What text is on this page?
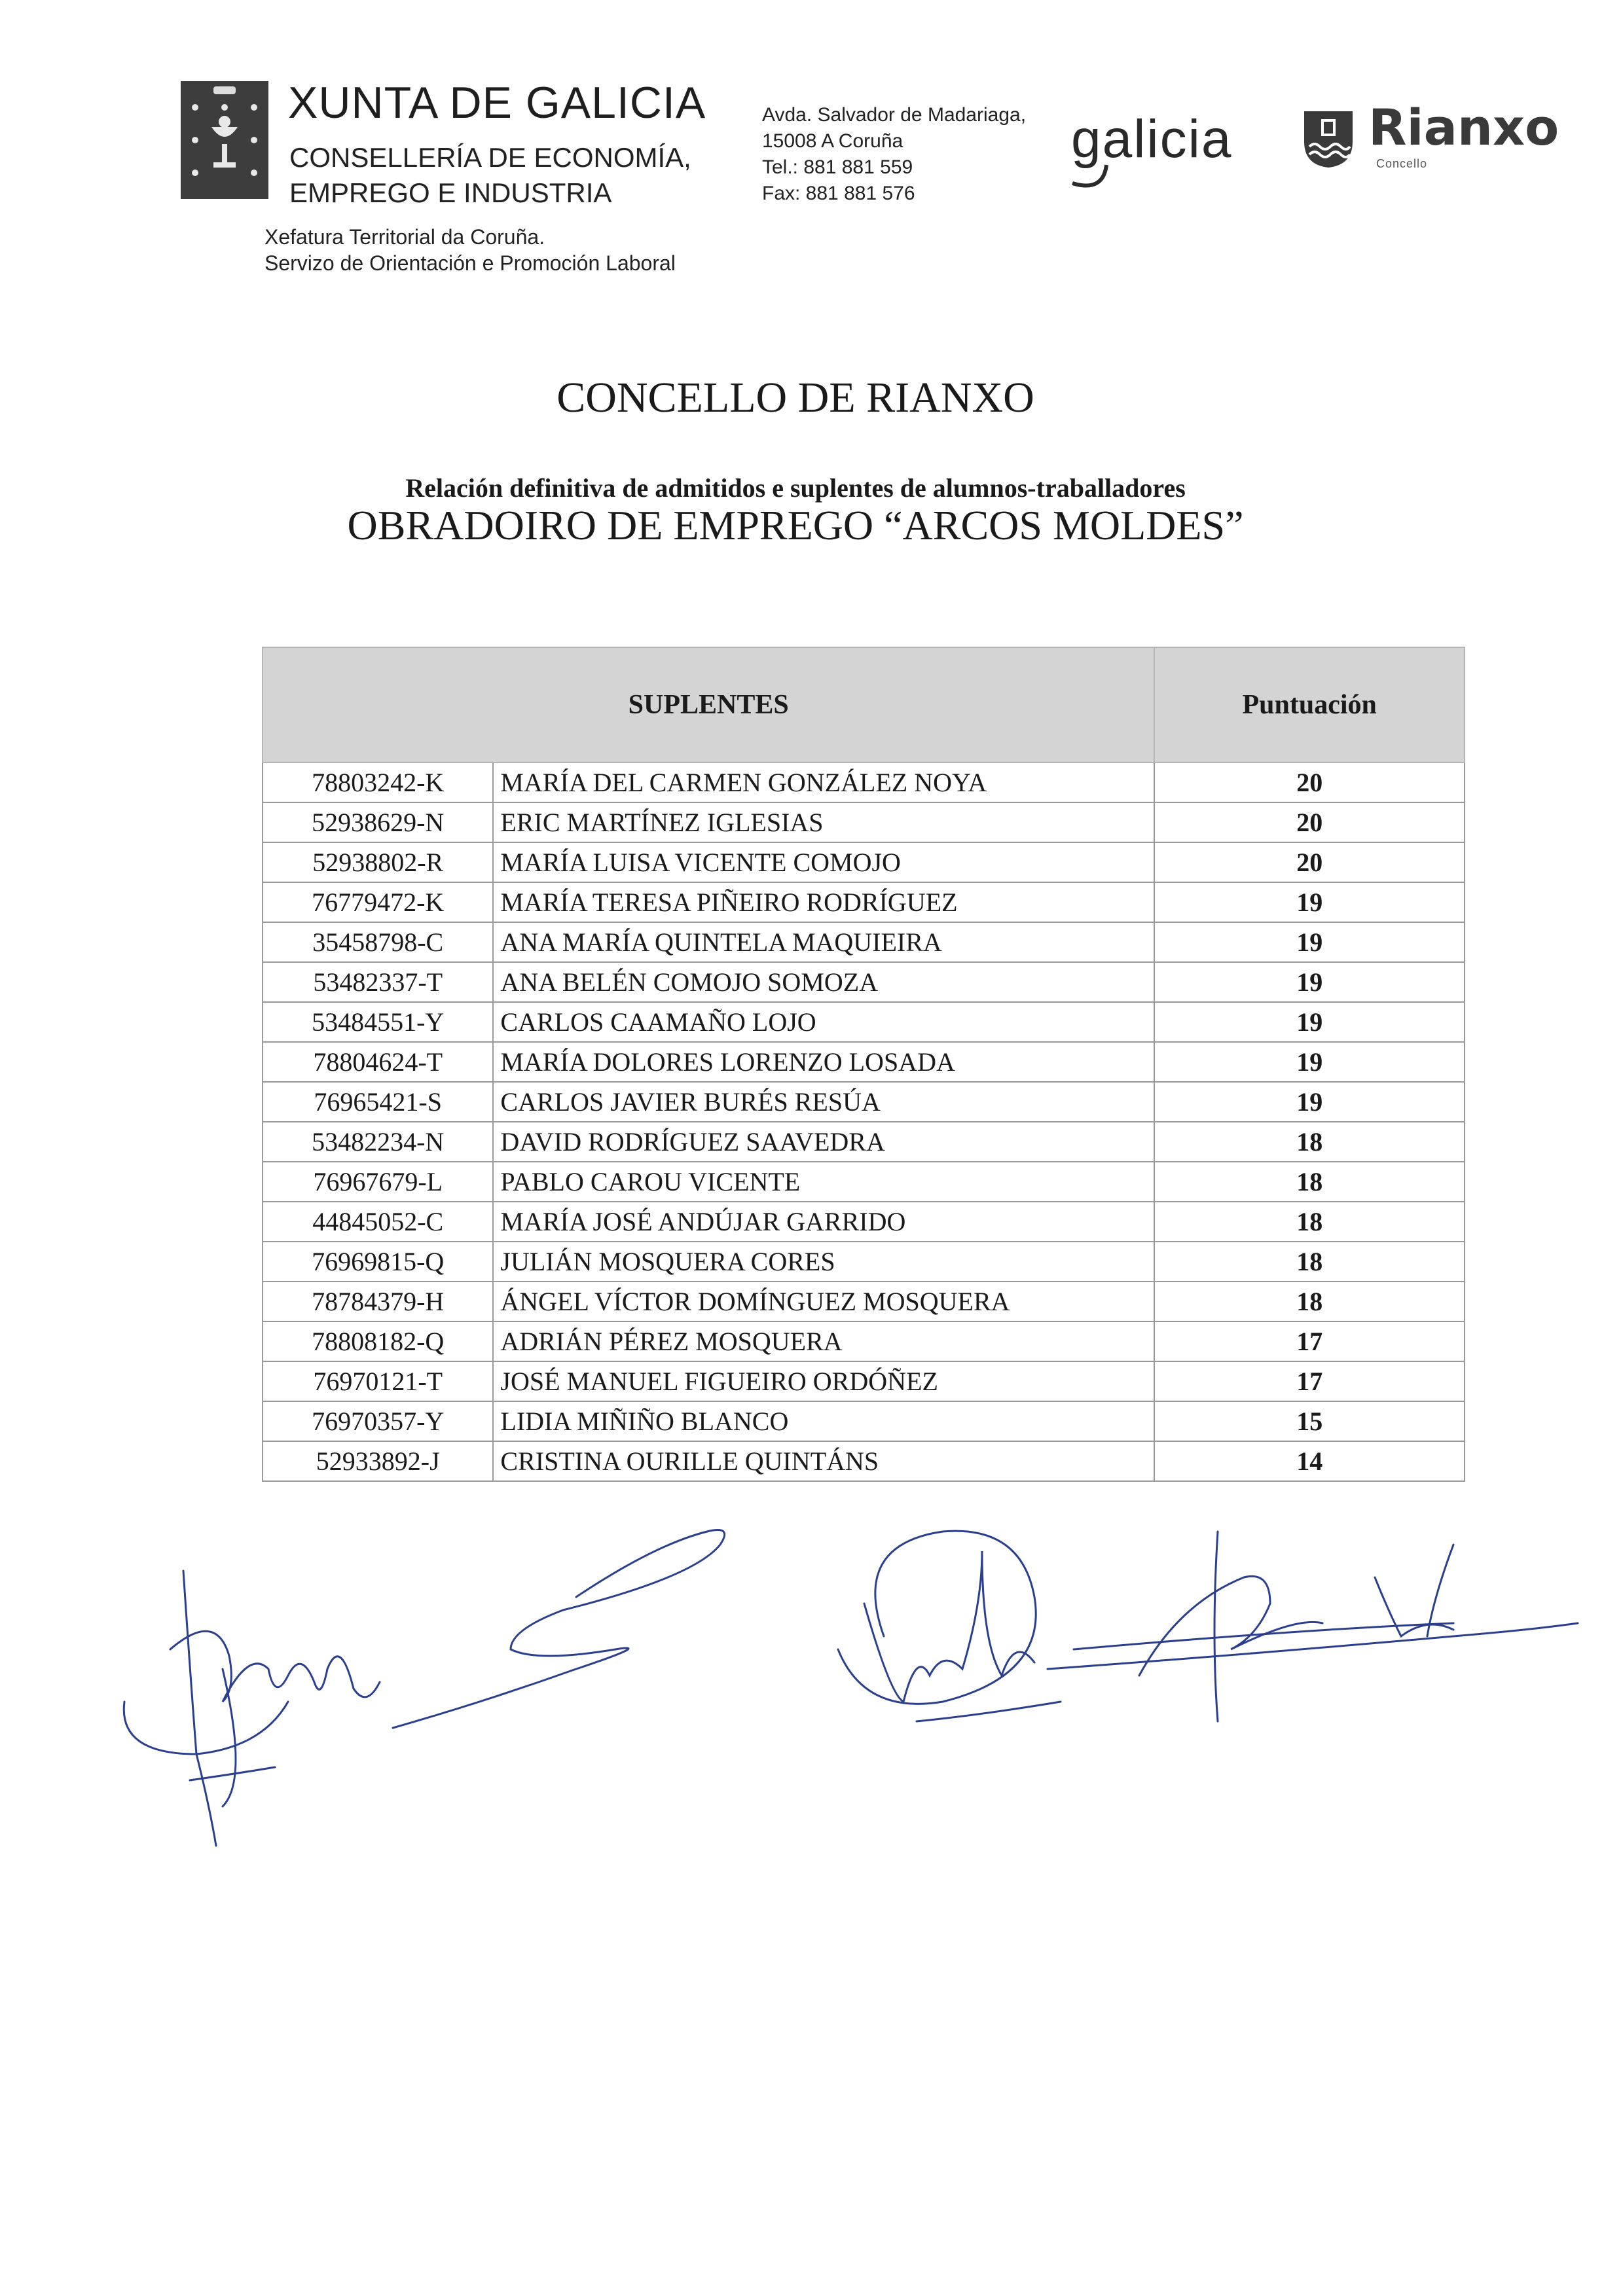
XUNTA DE GALICIA
CONSELLERÍA DE ECONOMÍA,
EMPREGO E INDUSTRIA
Xefatura Territorial da Coruña.
Servizo de Orientación e Promoción Laboral
Avda. Salvador de Madariaga,
15008 A Coruña
Tel.: 881 881 559
Fax: 881 881 576
galicia	Rianxo
Concello
CONCELLO DE RIANXO
Relación definitiva de admitidos e suplentes de alumnos-traballadores
OBRADOIRO DE EMPREGO “ARCOS MOLDES”
SUPLENTES		Puntuación
78803242-K	MARÍA DEL CARMEN GONZÁLEZ NOYA	20
52938629-N	ERIC MARTÍNEZ IGLESIAS	20
52938802-R	MARÍA LUISA VICENTE COMOJO	20
76779472-K	MARÍA TERESA PIÑEIRO RODRÍGUEZ	19
35458798-C	ANA MARÍA QUINTELA MAQUIEIRA	19
53482337-T	ANA BELÉN COMOJO SOMOZA	19
53484551-Y	CARLOS CAAMAÑO LOJO	19
78804624-T	MARÍA DOLORES LORENZO LOSADA	19
76965421-S	CARLOS JAVIER BURÉS RESÚA	19
53482234-N	DAVID RODRÍGUEZ SAAVEDRA	18
76967679-L	PABLO CAROU VICENTE	18
44845052-C	MARÍA JOSÉ ANDÚJAR GARRIDO	18
76969815-Q	JULIÁN MOSQUERA CORES	18
78784379-H	ÁNGEL VÍCTOR DOMÍNGUEZ MOSQUERA	18
78808182-Q	ADRIÁN PÉREZ MOSQUERA	17
76970121-T	JOSÉ MANUEL FIGUEIRO ORDÓÑEZ	17
76970357-Y	LIDIA MIÑIÑO BLANCO	15
52933892-J	CRISTINA OURILLE QUINTÁNS	14
